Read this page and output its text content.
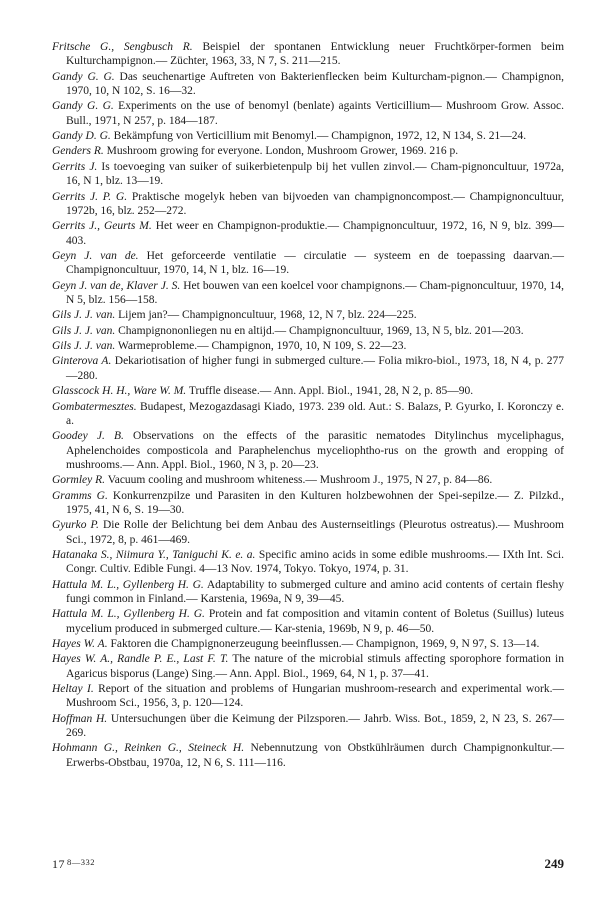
Fritsche G., Sengbusch R. Beispiel der spontanen Entwicklung neuer Fruchtkörper-formen beim Kulturchampignon.— Züchter, 1963, 33, N 7, S. 211—215.

Gandy G. G. Das seuchenartige Auftreten von Bakterienflecken beim Kulturcham-pignon.— Champignon, 1970, 10, N 102, S. 16—32.

Gandy G. G. Experiments on the use of benomyl (benlate) againts Verticillium— Mushroom Grow. Assoc. Bull., 1971, N 257, p. 184—187.

Gandy D. G. Bekämpfung von Verticillium mit Benomyl.— Champignon, 1972, 12, N 134, S. 21—24.

Genders R. Mushroom growing for everyone. London, Mushroom Grower, 1969. 216 p.

Gerrits J. Is toevoeging van suiker of suikerbietenpulp bij het vullen zinvol.— Cham-pignoncultuur, 1972a, 16, N 1, blz. 13—19.

Gerrits J. P. G. Praktische mogelyk heben van bijvoeden van champignoncompost.— Champignoncultuur, 1972b, 16, blz. 252—272.

Gerrits J., Geurts M. Het weer en Champignon-produktie.— Champignoncultuur, 1972, 16, N 9, blz. 399—403.

Geyn J. van de. Het geforceerde ventilatie — circulatie — systeem en de toepassing daarvan.— Champignoncultuur, 1970, 14, N 1, blz. 16—19.

Geyn J. van de, Klaver J. S. Het bouwen van een koelcel voor champignons.— Cham-pignoncultuur, 1970, 14, N 5, blz. 156—158.

Gils J. J. van. Lijem jan?— Champignoncultuur, 1968, 12, N 7, blz. 224—225.

Gils J. J. van. Champignononliegen nu en altijd.— Champignoncultuur, 1969, 13, N 5, blz. 201—203.

Gils J. J. van. Warmeprobleme.— Champignon, 1970, 10, N 109, S. 22—23.

Ginterova A. Dekariotisation of higher fungi in submerged culture.— Folia mikro-biol., 1973, 18, N 4, p. 277—280.

Glasscock H. H., Ware W. M. Truffle disease.— Ann. Appl. Biol., 1941, 28, N 2, p. 85—90.

Gombatermesztes. Budapest, Mezogazdasagi Kiado, 1973. 239 old. Aut.: S. Balazs, P. Gyurko, I. Koronczy e. a.

Goodey J. B. Observations on the effects of the parasitic nematodes Ditylinchus myceliphagus, Aphelenchoides composticola and Paraphelenchus myceliophtho-rus on the growth and eropping of mushrooms.— Ann. Appl. Biol., 1960, N 3, p. 20—23.

Gormley R. Vacuum cooling and mushroom whiteness.— Mushroom J., 1975, N 27, p. 84—86.

Gramms G. Konkurrenzpilze und Parasiten in den Kulturen holzbewohnen der Spei-sepilze.— Z. Pilzkd., 1975, 41, N 6, S. 19—30.

Gyurko P. Die Rolle der Belichtung bei dem Anbau des Austernseitlings (Pleurotus ostreatus).— Mushroom Sci., 1972, 8, p. 461—469.

Hatanaka S., Niimura Y., Taniguchi K. e. a. Specific amino acids in some edible mushrooms.— IXth Int. Sci. Congr. Cultiv. Edible Fungi. 4—13 Nov. 1974, Tokyo. Tokyo, 1974, p. 31.

Hattula M. L., Gyllenberg H. G. Adaptability to submerged culture and amino acid contents of certain fleshy fungi common in Finland.— Karstenia, 1969a, N 9, 39—45.

Hattula M. L., Gyllenberg H. G. Protein and fat composition and vitamin content of Boletus (Suillus) luteus mycelium produced in submerged culture.— Kar-stenia, 1969b, N 9, p. 46—50.

Hayes W. A. Faktoren die Champignonerzeugung beeinflussen.— Champignon, 1969, 9, N 97, S. 13—14.

Hayes W. A., Randle P. E., Last F. T. The nature of the microbial stimuls affecting sporophore formation in Agaricus bisporus (Lange) Sing.— Ann. Appl. Biol., 1969, 64, N 1, p. 37—41.

Heltay I. Report of the situation and problems of Hungarian mushroom-research and experimental work.— Mushroom Sci., 1956, 3, p. 120—124.

Hoffman H. Untersuchungen über die Keimung der Pilzsporen.— Jahrb. Wiss. Bot., 1859, 2, N 23, S. 267—269.

Hohmann G., Reinken G., Steineck H. Nebennutzung von Obstkühlräumen durch Champignonkultur.— Erwerbs-Obstbau, 1970a, 12, N 6, S. 111—116.

17 $^{8—332}$	249
